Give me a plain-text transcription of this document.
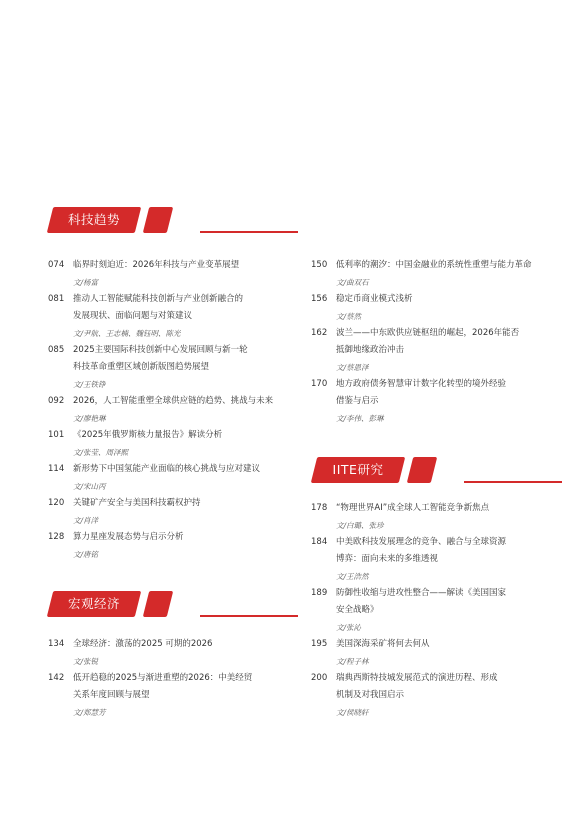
科技趋势
074 临界时刻迫近：2026年科技与产业变革展望
文/杨富
081 推动人工智能赋能科技创新与产业创新融合的
发展现状、面临问题与对策建议
文/尹航、王志楠、魏钰明、陈光
085 2025主要国际科技创新中心发展回顾与新一轮
科技革命重塑区域创新版图趋势展望
文/王铁铮
092 2026，人工智能重塑全球供应链的趋势、挑战与未来
文/廖艳琳
101 《2025年俄罗斯核力量报告》解读分析
文/张莹、周泽熙
114 新形势下中国氢能产业面临的核心挑战与应对建议
文/宋山丙
120 关键矿产安全与美国科技霸权护持
文/肖洋
128 算力星座发展态势与启示分析
文/唐铭
宏观经济
134 全球经济：激荡的2025 可期的2026
文/张锐
142 低开趋稳的2025与渐进重塑的2026：中美经贸
关系年度回顾与展望
文/郑慧芳
150 低利率的潮汐：中国金融业的系统性重塑与能力革命
文/曲双石
156 稳定币商业模式浅析
文/蔡然
162 波兰——中东欧供应链枢纽的崛起，2026年能否
抵御地缘政治冲击
文/蔡恩泽
170 地方政府债务智慧审计数字化转型的境外经验
借鉴与启示
文/李伟、彭琳
IITE研究
178 “物理世界AI”成全球人工智能竞争新焦点
文/白璐、张珍
184 中美欧科技发展理念的竞争、融合与全球资源
博弈：面向未来的多维透视
文/王浩然
189 防御性收缩与进攻性整合——解读《美国国家
安全战略》
文/张沁
195 美国深海采矿将何去何从
文/程子林
200 瑞典西斯特技城发展范式的演进历程、形成
机制及对我国启示
文/侯晓轩
